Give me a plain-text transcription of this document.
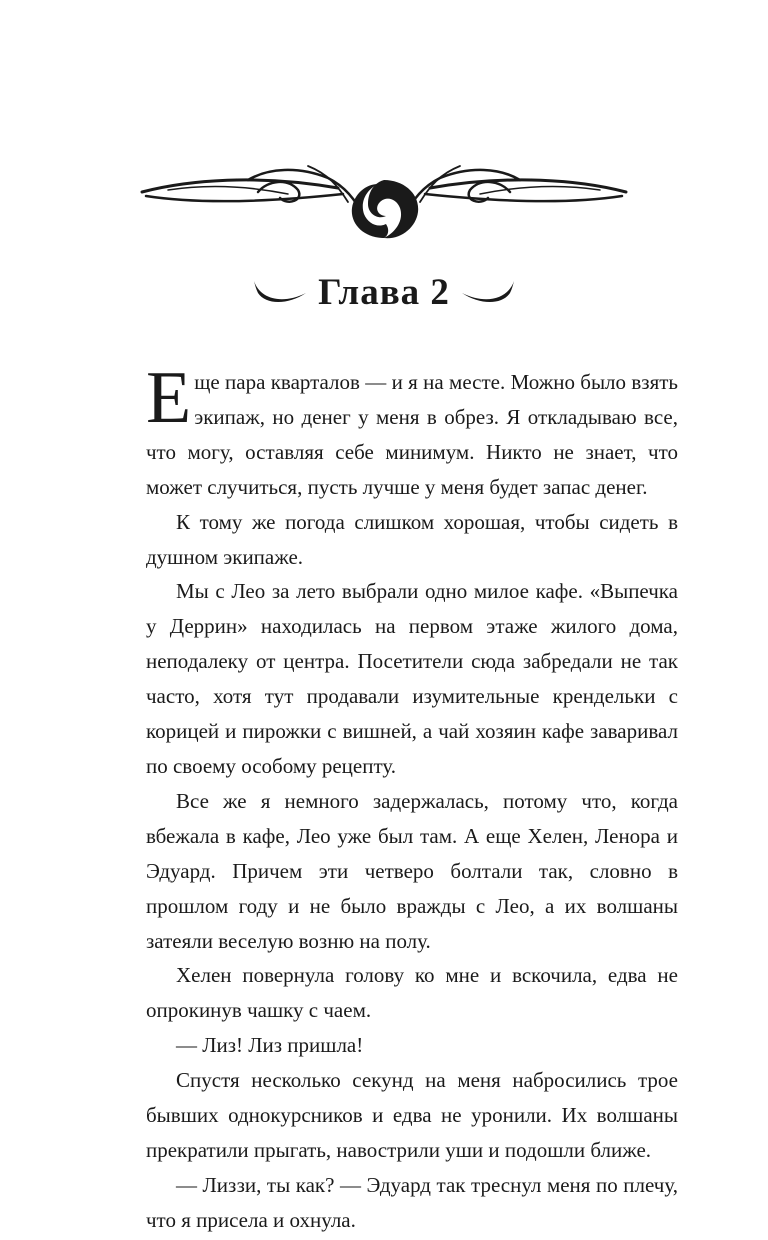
Глава 2

Еще пара кварталов — и я на месте. Можно было взять экипаж, но денег у меня в обрез. Я откладываю все, что могу, оставляя себе минимум. Никто не знает, что может случиться, пусть лучше у меня будет запас денег.

К тому же погода слишком хорошая, чтобы сидеть в душном экипаже.

Мы с Лео за лето выбрали одно милое кафе. «Выпечка у Деррин» находилась на первом этаже жилого дома, неподалеку от центра. Посетители сюда забредали не так часто, хотя тут продавали изумительные крендельки с корицей и пирожки с вишней, а чай хозяин кафе заваривал по своему особому рецепту.

Все же я немного задержалась, потому что, когда вбежала в кафе, Лео уже был там. А еще Хелен, Ленора и Эдуард. Причем эти четверо болтали так, словно в прошлом году и не было вражды с Лео, а их волшаны затеяли веселую возню на полу.

Хелен повернула голову ко мне и вскочила, едва не опрокинув чашку с чаем.

— Лиз! Лиз пришла!

Спустя несколько секунд на меня набросились трое бывших однокурсников и едва не уронили. Их волшаны прекратили прыгать, навострили уши и подошли ближе.

— Лиззи, ты как? — Эдуард так треснул меня по плечу, что я присела и охнула.
